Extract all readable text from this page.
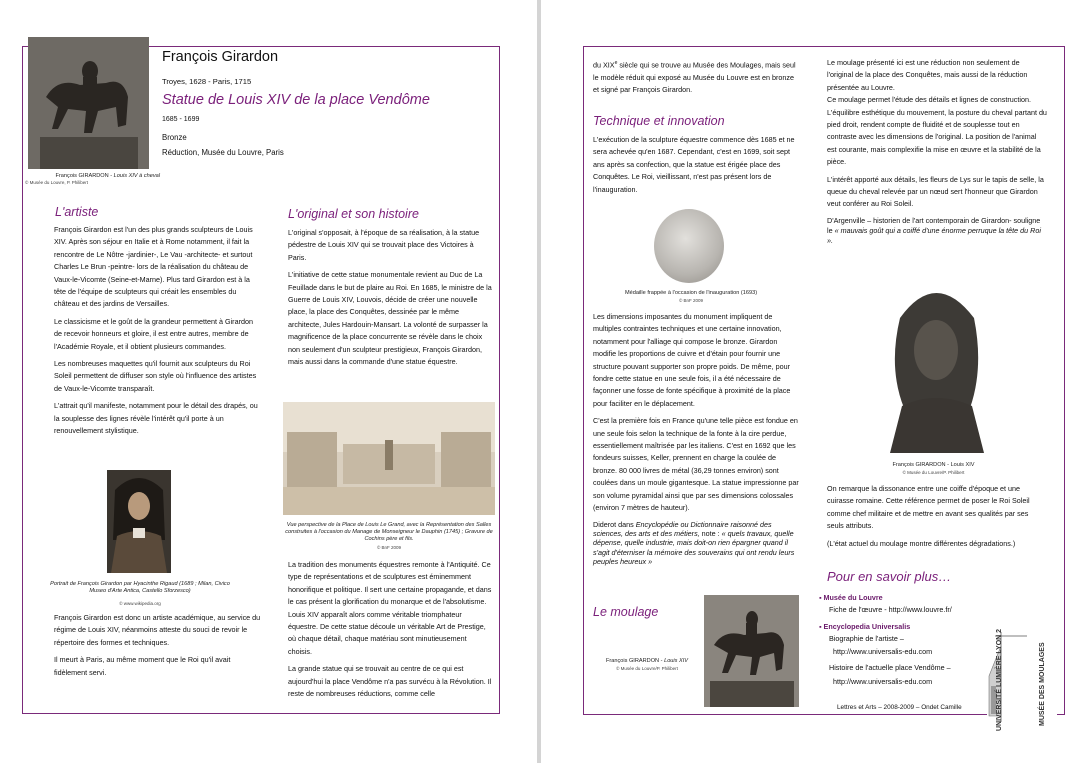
François GIRARDON - Louis XIV à cheval
© Musée du Louvre, P. Philibert
François Girardon
Troyes, 1628 - Paris, 1715
Statue de Louis XIV de la place Vendôme
1685 - 1699
Bronze
Réduction, Musée du Louvre, Paris
L'artiste

François Girardon est l'un des plus grands sculpteurs de Louis XIV. Après son séjour en Italie et à Rome notamment, il fait la rencontre de Le Nôtre -jardinier-, Le Vau -architecte- et surtout Charles Le Brun -peintre- lors de la réalisation du château de Vaux-le-Vicomte (Seine-et-Marne). Plus tard Girardon est à la tête de l'équipe de sculpteurs qui créait les ensembles du château et des jardins de Versailles.

Le classicisme et le goût de la grandeur permettent à Girardon de recevoir honneurs et gloire, il est entre autres, membre de l'Académie Royale, et il obtient plusieurs commandes.

Les nombreuses maquettes qu'il fournit aux sculpteurs du Roi Soleil permettent de diffuser son style où l'influence des artistes de Vaux-le-Vicomte transparaît.

L'attrait qu'il manifeste, notamment pour le détail des drapés, ou la souplesse des lignes révèle l'intérêt qu'il porte à un renouvellement stylistique.

Portrait de François Girardon par Hyacinthe Rigaud (1689 ; Milan, Civico Museo d'Arte Antica, Castello Sforzesco)
© www.wikipedia.org

François Girardon est donc un artiste académique, au service du régime de Louis XIV, néanmoins atteste du souci de revoir le répertoire des formes et techniques.

Il meurt à Paris, au même moment que le Roi qu'il avait fidèlement servi.

L'original et son histoire

L'original s'opposait, à l'époque de sa réalisation, à la statue pédestre de Louis XIV qui se trouvait place des Victoires à Paris.

L'initiative de cette statue monumentale revient au Duc de La Feuillade dans le but de plaire au Roi. En 1685, le ministre de la Guerre de Louis XIV, Louvois, décide de créer une nouvelle place, la place des Conquêtes, dessinée par le même architecte, Jules Hardouin-Mansart. La volonté de surpasser la magnificence de la place concurrente se révèle dans le choix non seulement d'un sculpteur prestigieux, François Girardon, mais aussi dans la commande d'une statue équestre.

Vue perspective de la Place de Louis Le Grand, avec la Représentation des Salles construites à l'occasion du Manage de Monseigneur le Dauphin (1745) ; Gravure de Cochins père et fils.
© BnF 2009

La tradition des monuments équestres remonte à l'Antiquité. Ce type de représentations et de sculptures est éminemment honorifique et politique. Il sert une certaine propagande, et dans le cas présent la glorification du monarque et de l'absolutisme. Louis XIV apparaît alors comme véritable triomphateur équestre. De cette statue découle un véritable Art de Prestige, où chaque détail, chaque matériau sont minutieusement choisis.

La grande statue qui se trouvait au centre de ce qui est aujourd'hui la place Vendôme n'a pas survécu à la Révolution. Il reste de nombreuses réductions, comme celle

du XIXe siècle qui se trouve au Musée des Moulages, mais seul le modèle réduit qui exposé au Musée du Louvre est en bronze et signé par François Girardon.

Technique et innovation

L'exécution de la sculpture équestre commence dès 1685 et ne sera achevée qu'en 1687. Cependant, c'est en 1699, soit sept ans après sa confection, que la statue est érigée place des Conquêtes. Le Roi, vieillissant, n'est pas présent lors de l'inauguration.

Médaille frappée à l'occasion de l'inauguration (1693)
© BnF 2009

Les dimensions imposantes du monument impliquent de multiples contraintes techniques et une certaine innovation, notamment pour l'alliage qui compose le bronze. Girardon modifie les proportions de cuivre et d'étain pour fournir une structure pouvant supporter son propre poids. De même, pour fondre cette statue en une seule fois, il a été nécessaire de façonner une fosse de fonte spécifique à proximité de la place pour faciliter en le déplacement.

C'est la première fois en France qu'une telle pièce est fondue en une seule fois selon la technique de la fonte à la cire perdue, essentiellement maîtrisée par les italiens. C'est en 1692 que les fondeurs suisses, Keller, prennent en charge la coulée de bronze. 80 000 livres de métal (36,29 tonnes environ) sont coulées dans un moule gigantesque. La statue impressionne par son volume pyramidal ainsi que par ses dimensions colossales (environ 7 mètres de hauteur).

Diderot dans Encyclopédie ou Dictionnaire raisonné des sciences, des arts et des métiers, note : « quels travaux, quelle dépense, quelle industrie, mais doit-on rien épargner quand il s'agit d'éterniser la mémoire des souverains qui ont rendu leurs peuples heureux »

Le moulage
François GIRARDON - Louis XIV
© Musée du Louvre/P. Philibert

Le moulage présenté ici est une réduction non seulement de l'original de la place des Conquêtes, mais aussi de la réduction présentée au Louvre.

Ce moulage permet l'étude des détails et lignes de construction. L'équilibre esthétique du mouvement, la posture du cheval partant du pied droit, rendent compte de fluidité et de souplesse tout en contraste avec les dimensions de l'original. La position de l'animal est courante, mais complexifie la mise en œuvre et la stabilité de la pièce.

L'intérêt apporté aux détails, les fleurs de Lys sur le tapis de selle, la queue du cheval relevée par un nœud sert l'honneur que Girardon veut conférer au Roi Soleil.

D'Argenville – historien de l'art contemporain de Girardon- souligne le « mauvais goût qui a coiffé d'une énorme perruque la tête du Roi ».

François GIRARDON - Louis XIV
© Musée du Louvre/P. Philibert

On remarque la dissonance entre une coiffe d'époque et une cuirasse romaine. Cette référence permet de poser le Roi Soleil comme chef militaire et de mettre en avant ses qualités par ses seuls attributs.

(L'état actuel du moulage montre différentes dégradations.)

Pour en savoir plus…
▪ Musée du Louvre
Fiche de l'œuvre - http://www.louvre.fr/
▪ Encyclopedia Universalis
Biographie de l'artiste –
http://www.universalis-edu.com
Histoire de l'actuelle place Vendôme –
http://www.universalis-edu.com
Lettres et Arts – 2008-2009 – Ondet Camille	UNIVERSITÉ LUMIÈRE LYON 2	MUSÉE DES MOULAGES
